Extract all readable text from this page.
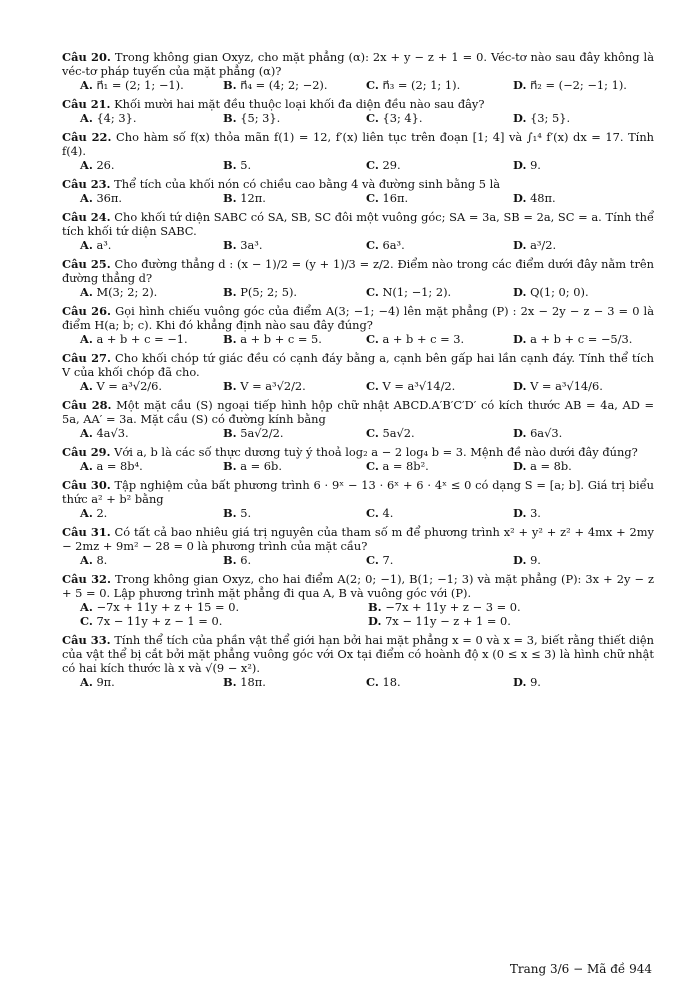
Câu 20. Trong không gian Oxyz, cho mặt phẳng (α): 2x + y − z + 1 = 0. Véc-tơ nào sau đây không là véc-tơ pháp tuyến của mặt phẳng (α)?
A. n⃗₁ = (2; 1; −1).	B. n⃗₄ = (4; 2; −2).	C. n⃗₃ = (2; 1; 1).	D. n⃗₂ = (−2; −1; 1).
Câu 21. Khối mười hai mặt đều thuộc loại khối đa diện đều nào sau đây?
A. {4; 3}.	B. {5; 3}.	C. {3; 4}.	D. {3; 5}.
Câu 22. Cho hàm số f(x) thỏa mãn f(1) = 12, f′(x) liên tục trên đoạn [1; 4] và ∫₁⁴ f′(x) dx = 17. Tính f(4).
A. 26.	B. 5.	C. 29.	D. 9.
Câu 23. Thể tích của khối nón có chiều cao bằng 4 và đường sinh bằng 5 là
A. 36π.	B. 12π.	C. 16π.	D. 48π.
Câu 24. Cho khối tứ diện SABC có SA, SB, SC đôi một vuông góc; SA = 3a, SB = 2a, SC = a. Tính thể tích khối tứ diện SABC.
A. a³.	B. 3a³.	C. 6a³.	D. a³/2.
Câu 25. Cho đường thẳng d : (x − 1)/2 = (y + 1)/3 = z/2. Điểm nào trong các điểm dưới đây nằm trên đường thẳng d?
A. M(3; 2; 2).	B. P(5; 2; 5).	C. N(1; −1; 2).	D. Q(1; 0; 0).
Câu 26. Gọi hình chiếu vuông góc của điểm A(3; −1; −4) lên mặt phẳng (P) : 2x − 2y − z − 3 = 0 là điểm H(a; b; c). Khi đó khẳng định nào sau đây đúng?
A. a + b + c = −1.	B. a + b + c = 5.	C. a + b + c = 3.	D. a + b + c = −5/3.
Câu 27. Cho khối chóp tứ giác đều có cạnh đáy bằng a, cạnh bên gấp hai lần cạnh đáy. Tính thể tích V của khối chóp đã cho.
A. V = a³√2/6.	B. V = a³√2/2.	C. V = a³√14/2.	D. V = a³√14/6.
Câu 28. Một mặt cầu (S) ngoại tiếp hình hộp chữ nhật ABCD.A′B′C′D′ có kích thước AB = 4a, AD = 5a, AA′ = 3a. Mặt cầu (S) có đường kính bằng
A. 4a√3.	B. 5a√2/2.	C. 5a√2.	D. 6a√3.
Câu 29. Với a, b là các số thực dương tuỳ ý thoả log₂ a − 2 log₄ b = 3. Mệnh đề nào dưới đây đúng?
A. a = 8b⁴.	B. a = 6b.	C. a = 8b².	D. a = 8b.
Câu 30. Tập nghiệm của bất phương trình 6 · 9ˣ − 13 · 6ˣ + 6 · 4ˣ ≤ 0 có dạng S = [a; b]. Giá trị biểu thức a² + b² bằng
A. 2.	B. 5.	C. 4.	D. 3.
Câu 31. Có tất cả bao nhiêu giá trị nguyên của tham số m để phương trình x² + y² + z² + 4mx + 2my − 2mz + 9m² − 28 = 0 là phương trình của mặt cầu?
A. 8.	B. 6.	C. 7.	D. 9.
Câu 32. Trong không gian Oxyz, cho hai điểm A(2; 0; −1), B(1; −1; 3) và mặt phẳng (P): 3x + 2y − z + 5 = 0. Lập phương trình mặt phẳng đi qua A, B và vuông góc với (P).
A. −7x + 11y + z + 15 = 0.	B. −7x + 11y + z − 3 = 0.
C. 7x − 11y + z − 1 = 0.	D. 7x − 11y − z + 1 = 0.
Câu 33. Tính thể tích của phần vật thể giới hạn bởi hai mặt phẳng x = 0 và x = 3, biết rằng thiết diện của vật thể bị cắt bởi mặt phẳng vuông góc với Ox tại điểm có hoành độ x (0 ≤ x ≤ 3) là hình chữ nhật có hai kích thước là x và √(9 − x²).
A. 9π.	B. 18π.	C. 18.	D. 9.
Trang 3/6 − Mã đề 944
